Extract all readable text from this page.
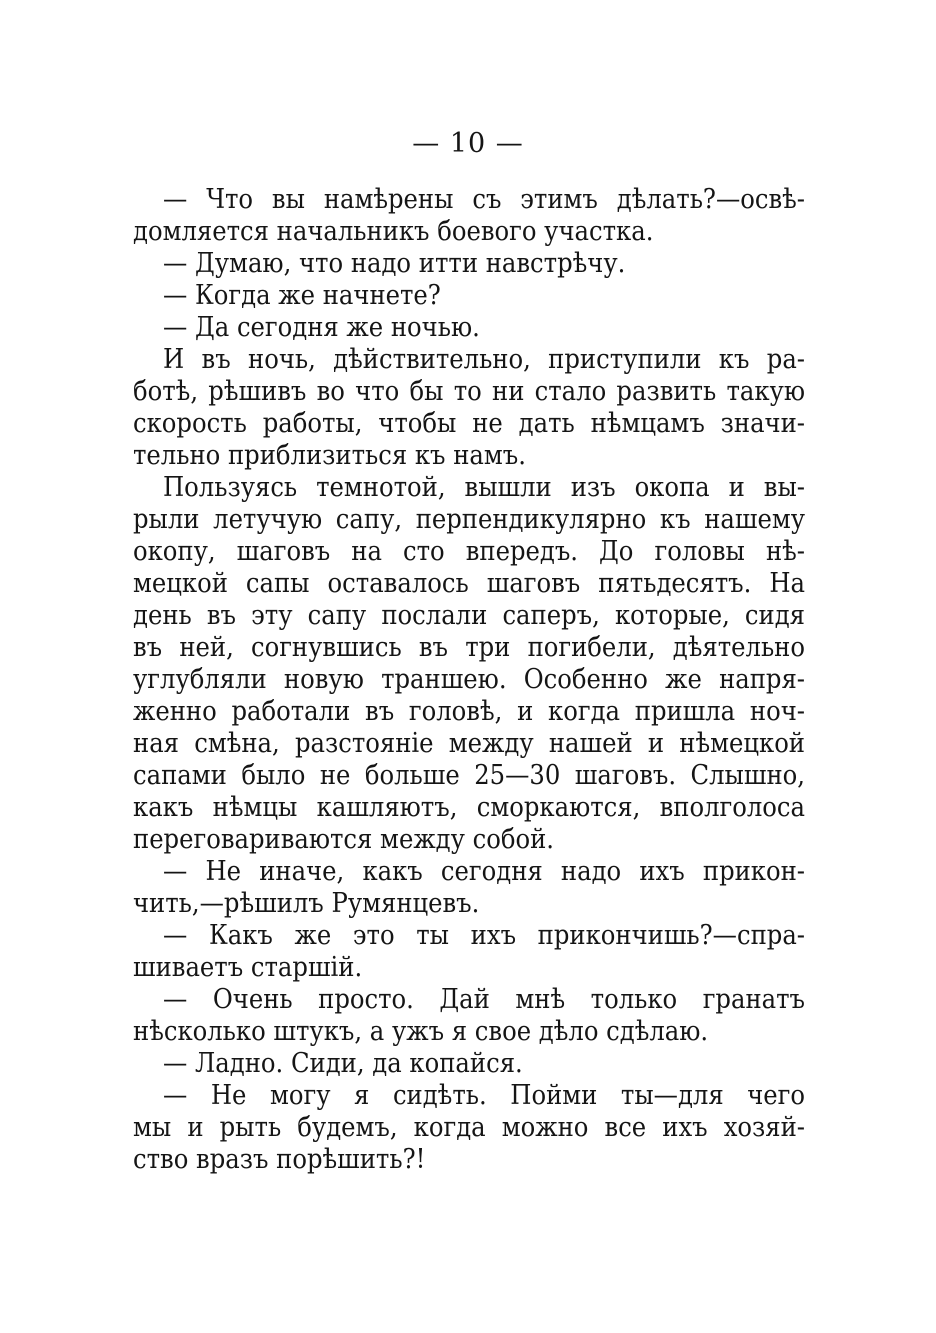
— 10 —
— Что вы намѣрены съ этимъ дѣлать?—освѣ-
домляется начальникъ боевого участка.
— Думаю, что надо итти навстрѣчу.
— Когда же начнете?
— Да сегодня же ночью.
И въ ночь, дѣйствительно, приступили къ ра-
ботѣ, рѣшивъ во что бы то ни стало развить такую
скорость работы, чтобы не дать нѣмцамъ значи-
тельно приблизиться къ намъ.
Пользуясь темнотой, вышли изъ окопа и вы-
рыли летучую сапу, перпендикулярно къ нашему
окопу, шаговъ на сто впередъ. До головы нѣ-
мецкой сапы оставалось шаговъ пятьдесятъ. На
день въ эту сапу послали саперъ, которые, сидя
въ ней, согнувшись въ три погибели, дѣятельно
углубляли новую траншею. Особенно же напря-
женно работали въ головѣ, и когда пришла ноч-
ная смѣна, разстояніе между нашей и нѣмецкой
сапами было не больше 25—30 шаговъ. Слышно,
какъ нѣмцы кашляютъ, сморкаются, вполголоса
переговариваются между собой.
— Не иначе, какъ сегодня надо ихъ прикон-
чить,—рѣшилъ Румянцевъ.
— Какъ же это ты ихъ прикончишь?—спра-
шиваетъ старшій.
— Очень просто. Дай мнѣ только гранатъ
нѣсколько штукъ, а ужъ я свое дѣло сдѣлаю.
— Ладно. Сиди, да копайся.
— Не могу я сидѣть. Пойми ты—для чего
мы и рыть будемъ, когда можно все ихъ хозяй-
ство вразъ порѣшить?!
